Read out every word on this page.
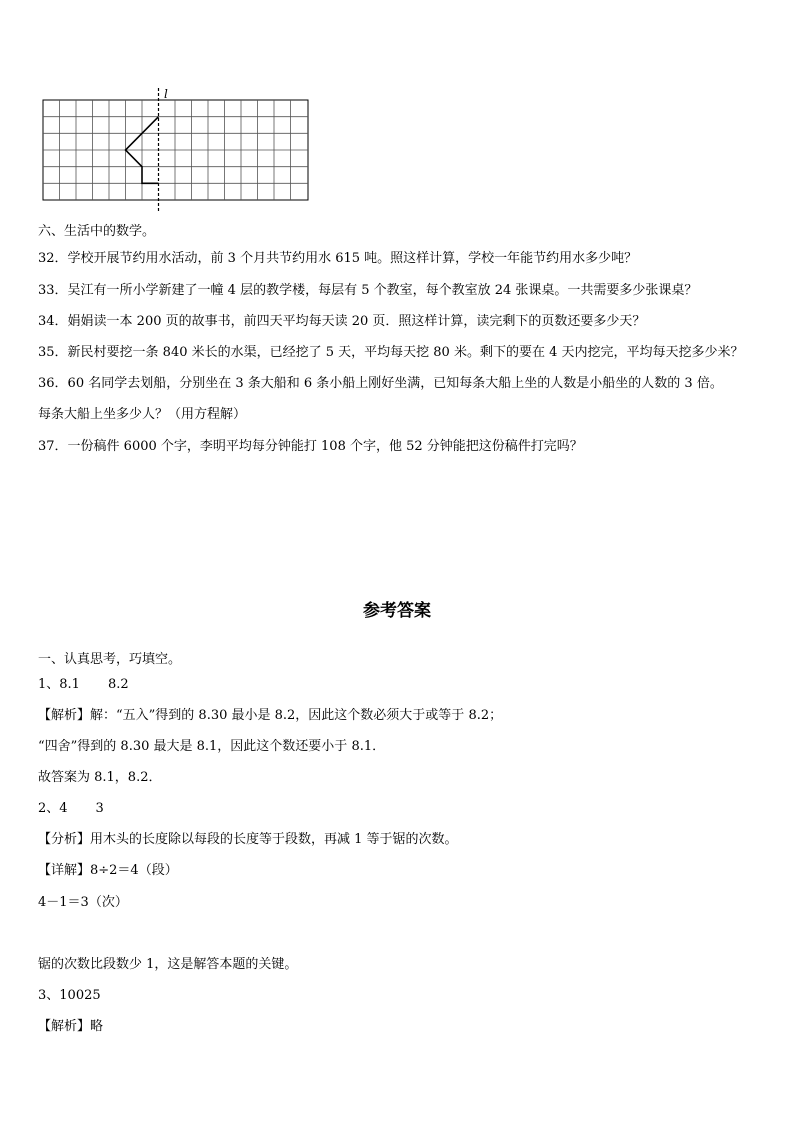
l
六、生活中的数学。
32．学校开展节约用水活动，前 3 个月共节约用水 615 吨。照这样计算，学校一年能节约用水多少吨？
33．吴江有一所小学新建了一幢 4 层的教学楼，每层有 5 个教室，每个教室放 24 张课桌。一共需要多少张课桌？
34．娟娟读一本 200 页的故事书，前四天平均每天读 20 页．照这样计算，读完剩下的页数还要多少天？
35．新民村要挖一条 840 米长的水渠，已经挖了 5 天，平均每天挖 80 米。剩下的要在 4 天内挖完，平均每天挖多少米？
36．60 名同学去划船，分别坐在 3 条大船和 6 条小船上刚好坐满，已知每条大船上坐的人数是小船坐的人数的 3 倍。
每条大船上坐多少人？（用方程解）
37．一份稿件 6000 个字，李明平均每分钟能打 108 个字，他 52 分钟能把这份稿件打完吗？
参考答案
一、认真思考，巧填空。
1、8.1 8.2
【解析】解：“五入”得到的 8.30 最小是 8.2，因此这个数必须大于或等于 8.2；
“四舍”得到的 8.30 最大是 8.1，因此这个数还要小于 8.1．
故答案为 8.1，8.2．
2、4 3
【分析】用木头的长度除以每段的长度等于段数，再减 1 等于锯的次数。
【详解】8÷2＝4（段）
4－1＝3（次）
锯的次数比段数少 1，这是解答本题的关键。
3、10025
【解析】略
